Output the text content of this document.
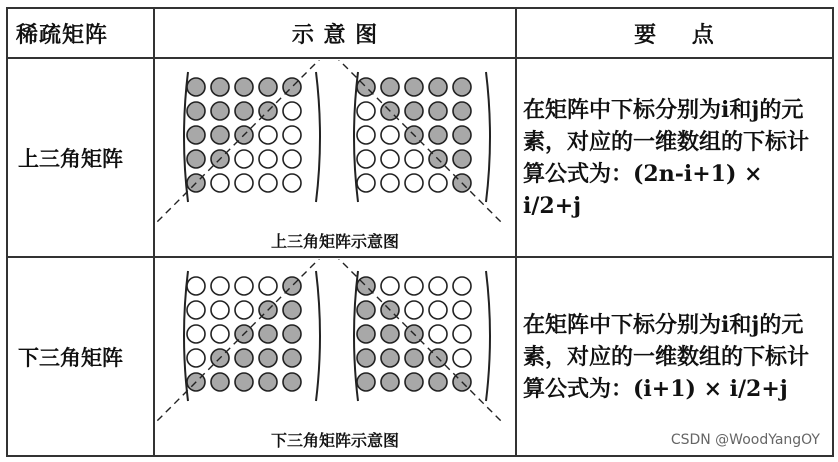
稀疏矩阵	示 意 图	要    点
上三角矩阵	上三角矩阵示意图	在矩阵中下标分别为i和j的元素，对应的一维数组的下标计算公式为：(2n-i+1) × i/2+j
下三角矩阵	下三角矩阵示意图	在矩阵中下标分别为i和j的元素，对应的一维数组的下标计算公式为：(i+1) × i/2+j
CSDN @WoodYangOY
